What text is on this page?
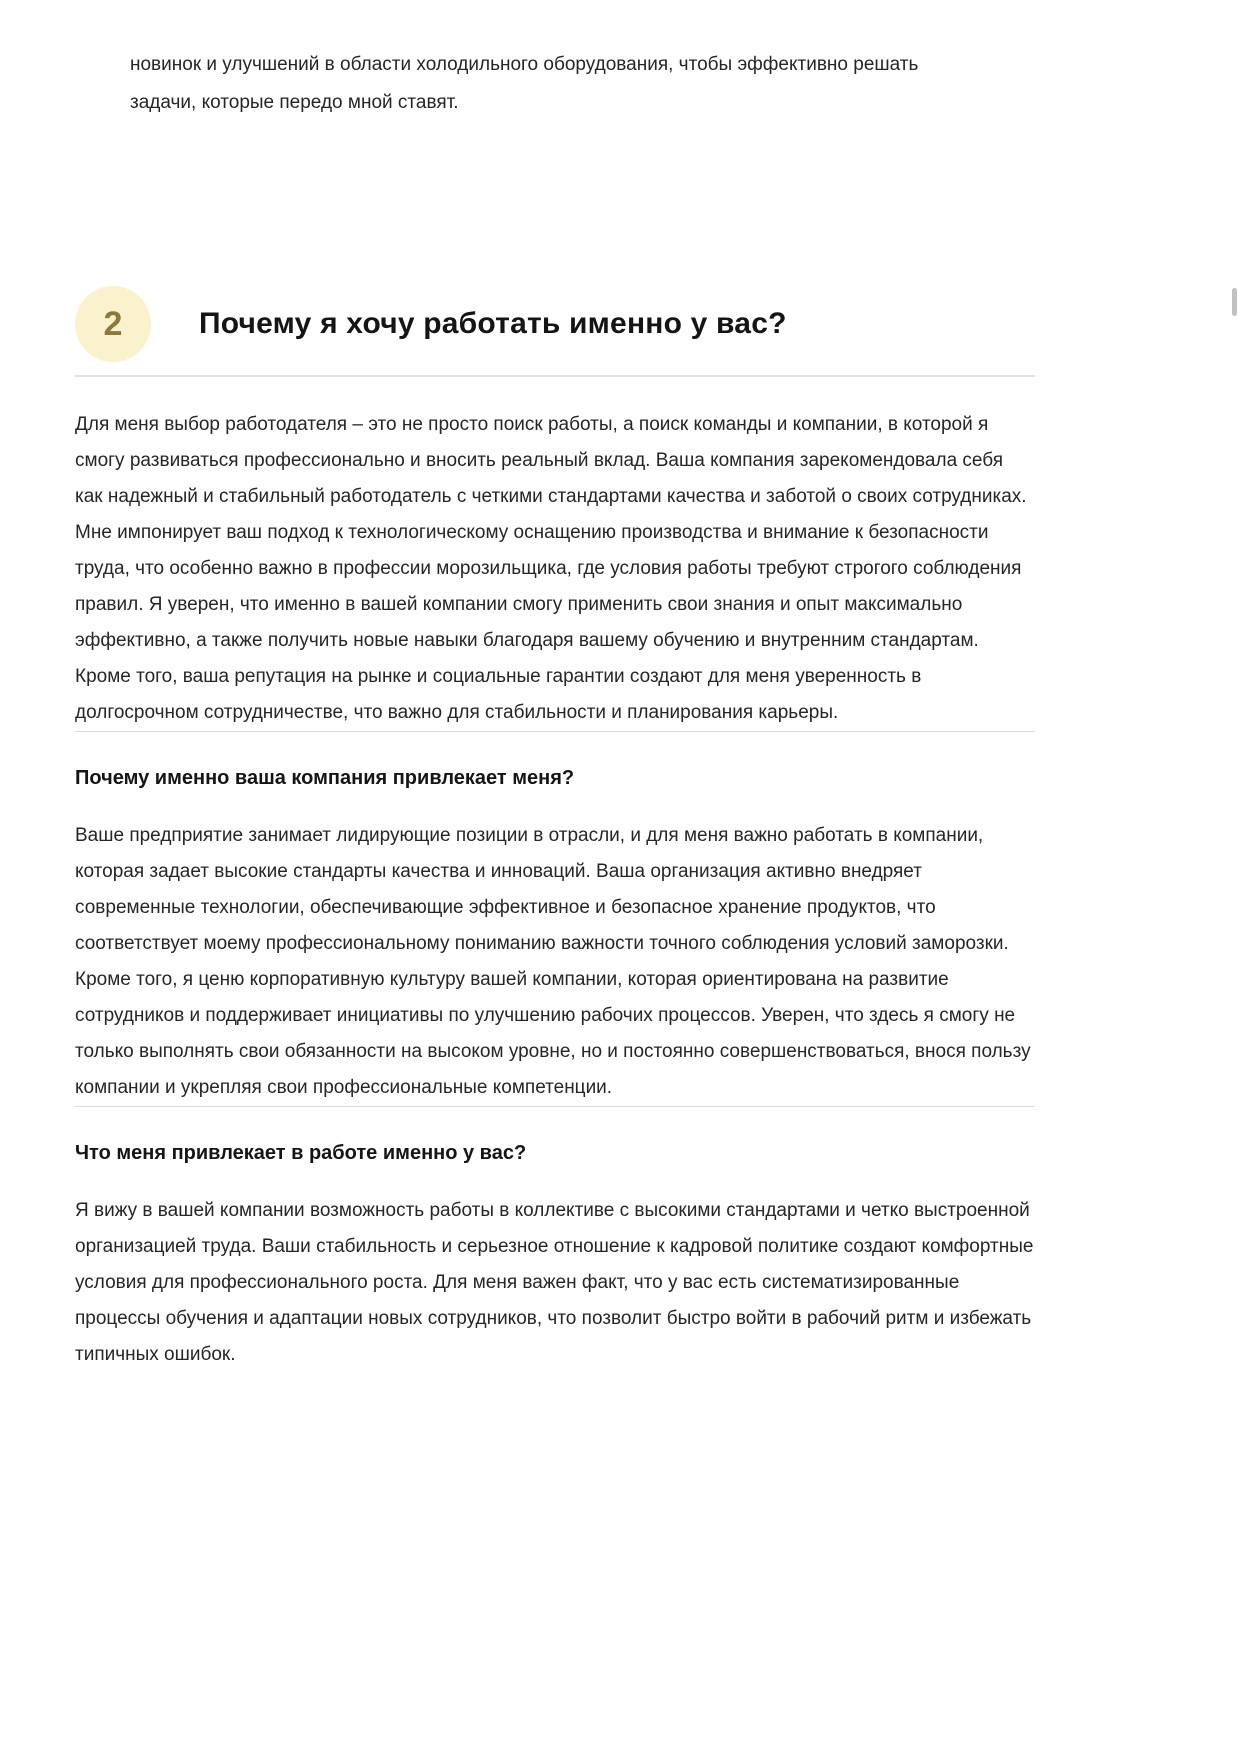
новинок и улучшений в области холодильного оборудования, чтобы эффективно решать задачи, которые передо мной ставят.

2	Почему я хочу работать именно у вас?

Для меня выбор работодателя – это не просто поиск работы, а поиск команды и компании, в которой я смогу развиваться профессионально и вносить реальный вклад. Ваша компания зарекомендовала себя как надежный и стабильный работодатель с четкими стандартами качества и заботой о своих сотрудниках. Мне импонирует ваш подход к технологическому оснащению производства и внимание к безопасности труда, что особенно важно в профессии морозильщика, где условия работы требуют строгого соблюдения правил. Я уверен, что именно в вашей компании смогу применить свои знания и опыт максимально эффективно, а также получить новые навыки благодаря вашему обучению и внутренним стандартам. Кроме того, ваша репутация на рынке и социальные гарантии создают для меня уверенность в долгосрочном сотрудничестве, что важно для стабильности и планирования карьеры.

Почему именно ваша компания привлекает меня?

Ваше предприятие занимает лидирующие позиции в отрасли, и для меня важно работать в компании, которая задает высокие стандарты качества и инноваций. Ваша организация активно внедряет современные технологии, обеспечивающие эффективное и безопасное хранение продуктов, что соответствует моему профессиональному пониманию важности точного соблюдения условий заморозки. Кроме того, я ценю корпоративную культуру вашей компании, которая ориентирована на развитие сотрудников и поддерживает инициативы по улучшению рабочих процессов. Уверен, что здесь я смогу не только выполнять свои обязанности на высоком уровне, но и постоянно совершенствоваться, внося пользу компании и укрепляя свои профессиональные компетенции.

Что меня привлекает в работе именно у вас?

Я вижу в вашей компании возможность работы в коллективе с высокими стандартами и четко выстроенной организацией труда. Ваши стабильность и серьезное отношение к кадровой политике создают комфортные условия для профессионального роста. Для меня важен факт, что у вас есть систематизированные процессы обучения и адаптации новых сотрудников, что позволит быстро войти в рабочий ритм и избежать типичных ошибок.
